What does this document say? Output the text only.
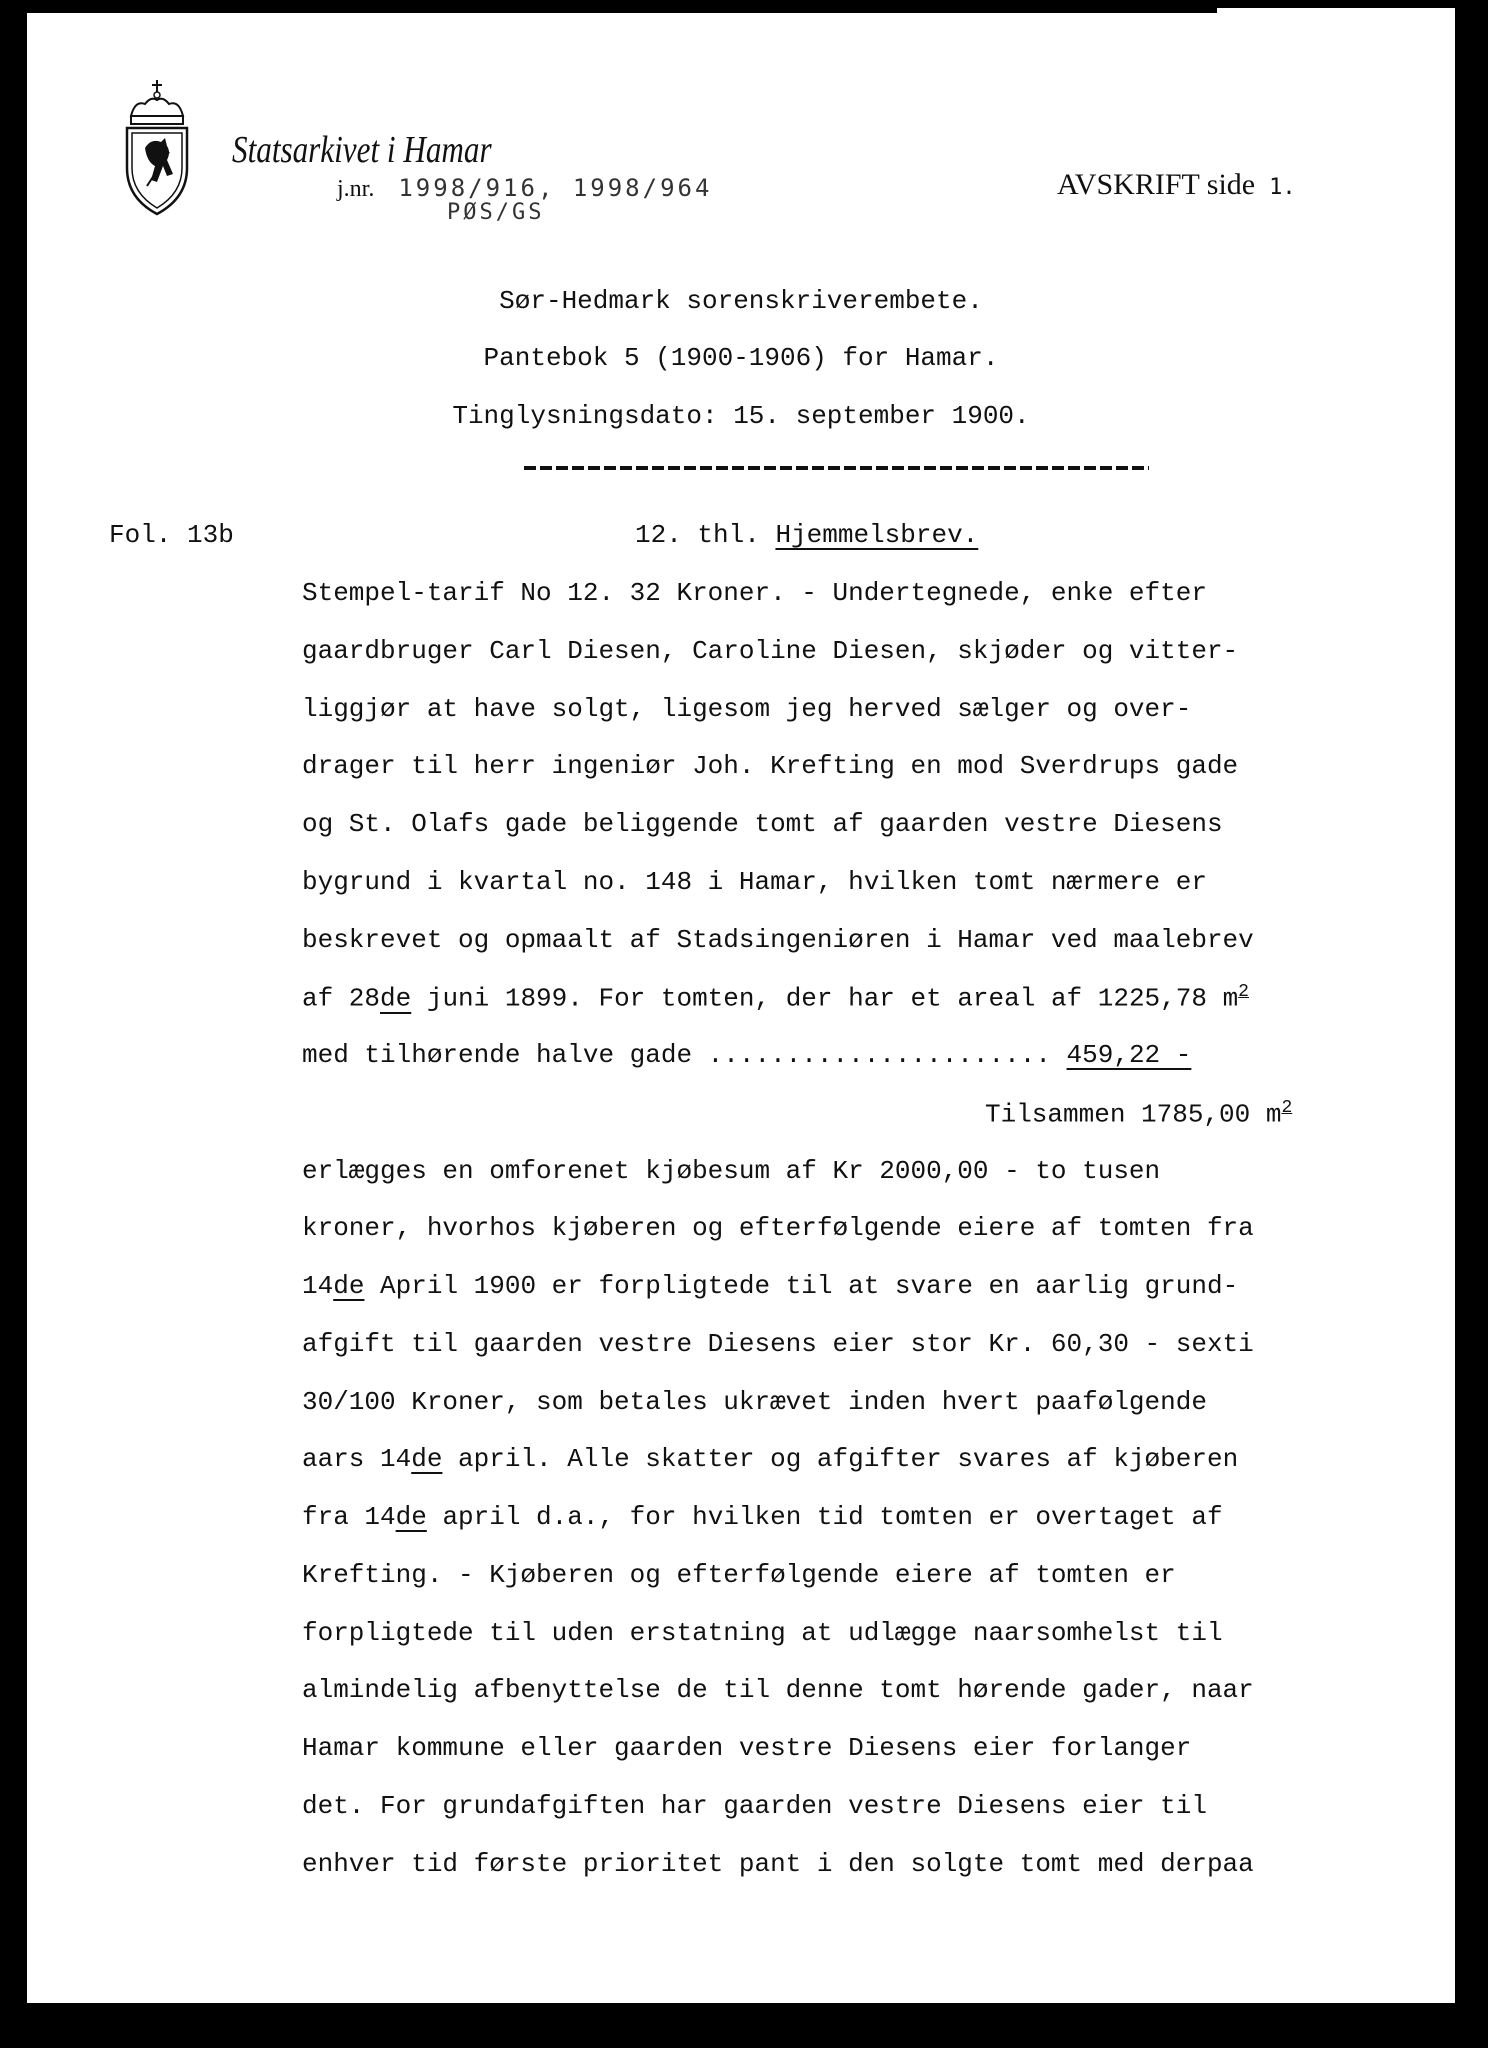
Statsarkivet i Hamar
j.nr. 1998/916, 1998/964
PØS/GS
AVSKRIFT side 1.
Sør-Hedmark sorenskriverembete.
Pantebok 5 (1900-1906) for Hamar.
Tinglysningsdato: 15. september 1900.
Fol. 13b	12. thl. Hjemmelsbrev.
Stempel-tarif No 12. 32 Kroner. - Undertegnede, enke efter
gaardbruger Carl Diesen, Caroline Diesen, skjøder og vitter-
liggjør at have solgt, ligesom jeg herved sælger og over-
drager til herr ingeniør Joh. Krefting en mod Sverdrups gade
og St. Olafs gade beliggende tomt af gaarden vestre Diesens
bygrund i kvartal no. 148 i Hamar, hvilken tomt nærmere er
beskrevet og opmaalt af Stadsingeniøren i Hamar ved maalebrev
af 28de juni 1899. For tomten, der har et areal af 1225,78 $m^2$
med tilhørende halve gade ...................... 459,22 -
Tilsammen 1785,00 $m^2$
erlægges en omforenet kjøbesum af Kr 2000,00 - to tusen
kroner, hvorhos kjøberen og efterfølgende eiere af tomten fra
14de April 1900 er forpligtede til at svare en aarlig grund-
afgift til gaarden vestre Diesens eier stor Kr. 60,30 - sexti
30/100 Kroner, som betales ukrævet inden hvert paafølgende
aars 14de april. Alle skatter og afgifter svares af kjøberen
fra 14de april d.a., for hvilken tid tomten er overtaget af
Krefting. - Kjøberen og efterfølgende eiere af tomten er
forpligtede til uden erstatning at udlægge naarsomhelst til
almindelig afbenyttelse de til denne tomt hørende gader, naar
Hamar kommune eller gaarden vestre Diesens eier forlanger
det. For grundafgiften har gaarden vestre Diesens eier til
enhver tid første prioritet pant i den solgte tomt med derpaa
